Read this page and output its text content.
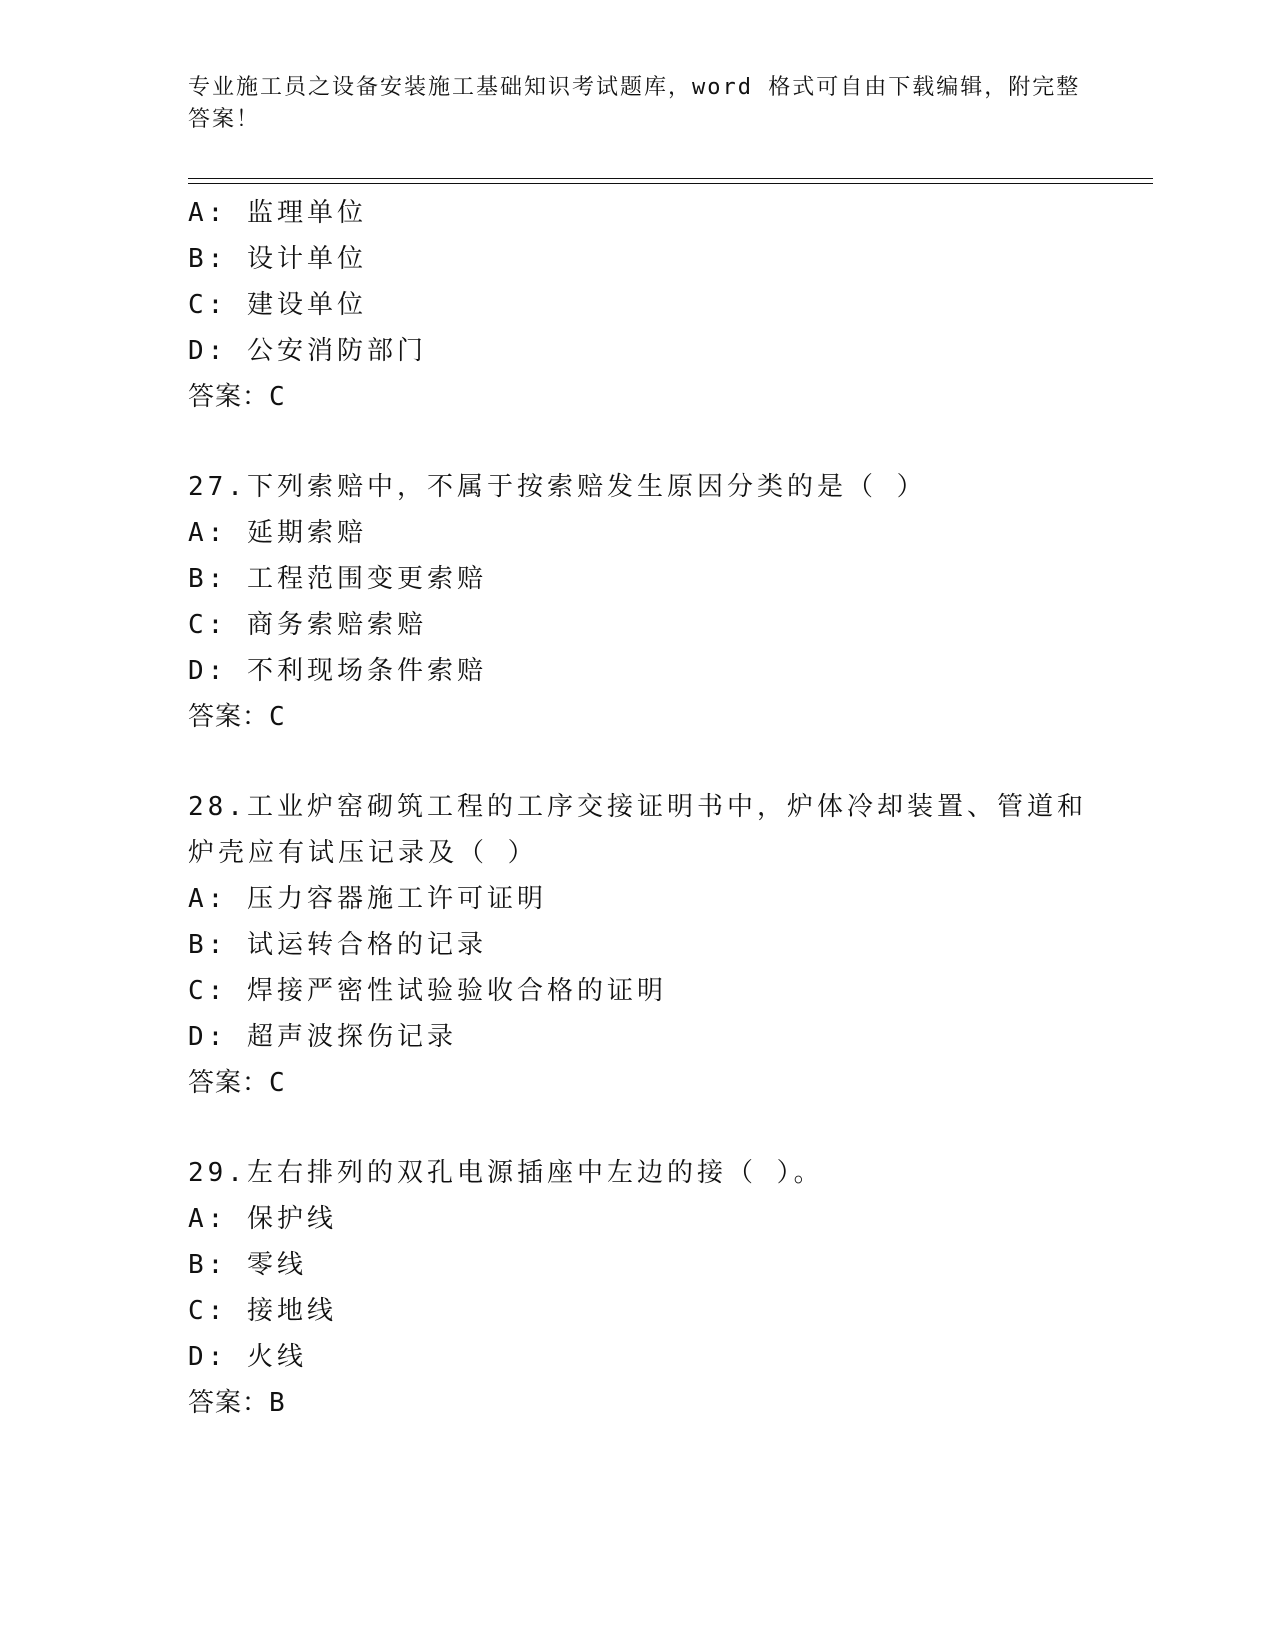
专业施工员之设备安装施工基础知识考试题库，word 格式可自由下载编辑，附完整答案！

A: 监理单位

B: 设计单位

C: 建设单位

D: 公安消防部门

答案：C

27.下列索赔中，不属于按索赔发生原因分类的是（ ）

A: 延期索赔

B: 工程范围变更索赔

C: 商务索赔索赔

D: 不利现场条件索赔

答案：C

28.工业炉窑砌筑工程的工序交接证明书中，炉体冷却装置、管道和炉壳应有试压记录及（ ）

A: 压力容器施工许可证明

B: 试运转合格的记录

C: 焊接严密性试验验收合格的证明

D: 超声波探伤记录

答案：C

29.左右排列的双孔电源插座中左边的接（ ）。

A: 保护线

B: 零线

C: 接地线

D: 火线

答案：B
